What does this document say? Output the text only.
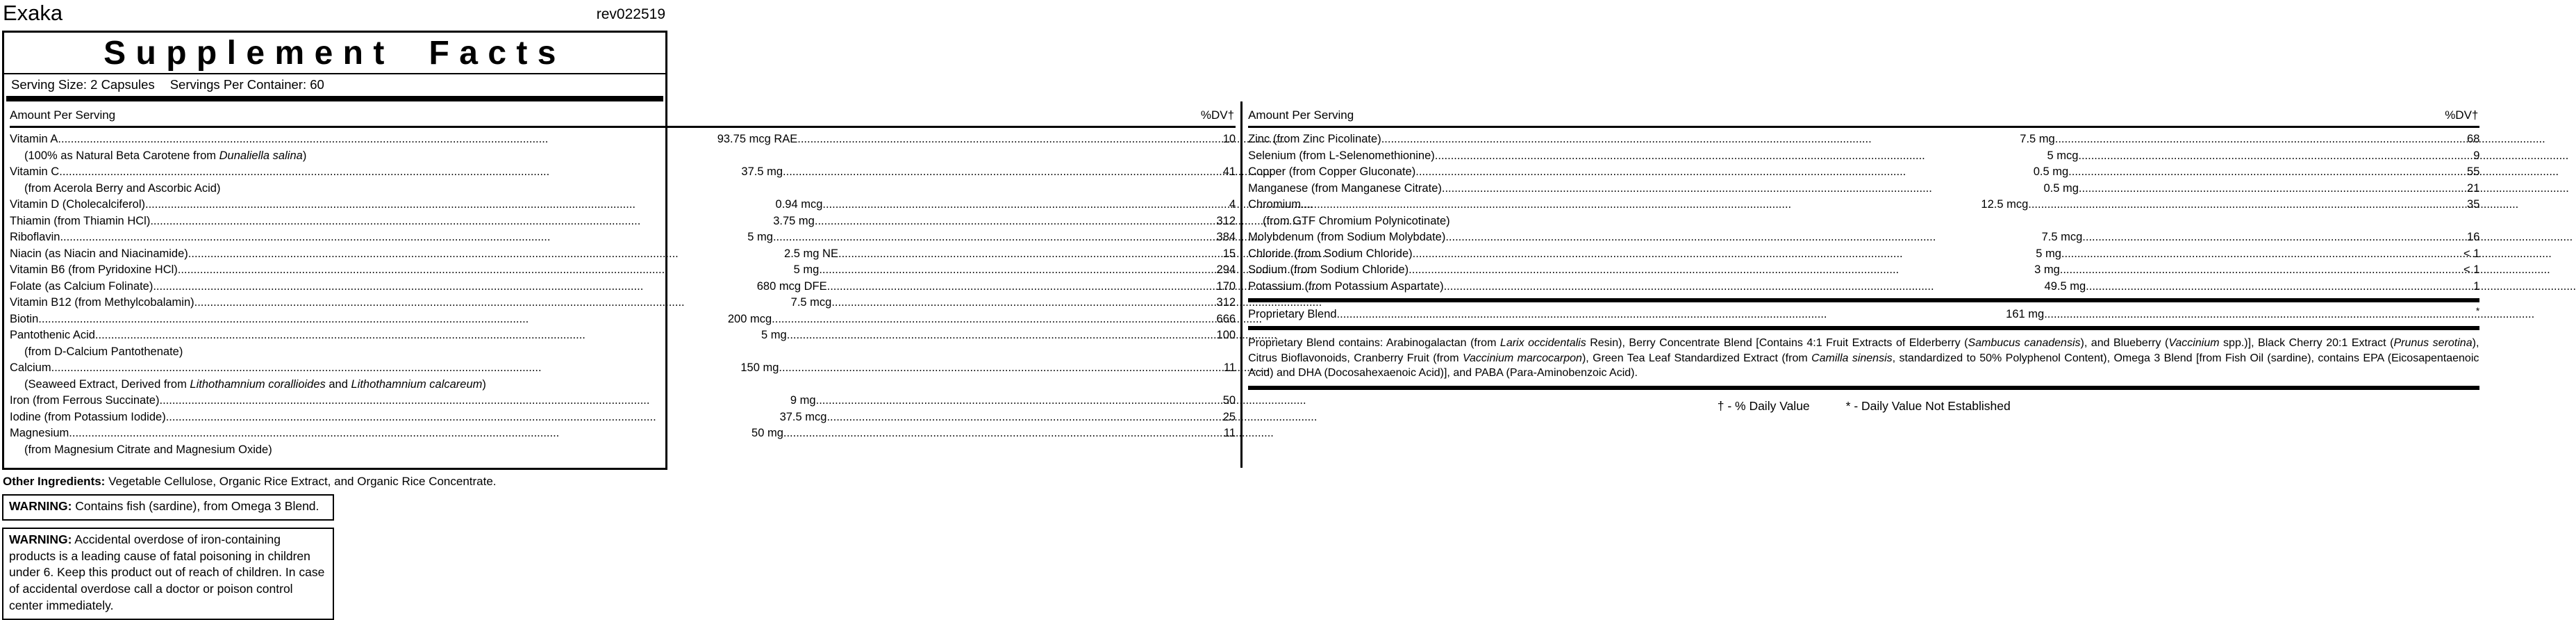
Exaka	rev022519
Supplement Facts
Serving Size: 2 Capsules Servings Per Container: 60
Amount Per Serving	%DV†
Vitamin A .....	93.75 mcg RAE .....	10
(100% as Natural Beta Carotene from Dunaliella salina)
Vitamin C .....	37.5 mg .....	41
(from Acerola Berry and Ascorbic Acid)
Vitamin D (Cholecalciferol) .....	0.94 mcg .....	4
Thiamin (from Thiamin HCl) .....	3.75 mg .....	312
Riboflavin .....	5 mg .....	384
Niacin (as Niacin and Niacinamide) .....	2.5 mg NE .....	15
Vitamin B6 (from Pyridoxine HCl) .....	5 mg .....	294
Folate (as Calcium Folinate) .....	680 mcg DFE .....	170
Vitamin B12 (from Methylcobalamin) .....	7.5 mcg .....	312
Biotin .....	200 mcg .....	666
Pantothenic Acid .....	5 mg .....	100
(from D-Calcium Pantothenate)
Calcium .....	150 mg .....	11
(Seaweed Extract, Derived from Lithothamnium corallioides and Lithothamnium calcareum)
Iron (from Ferrous Succinate) .....	9 mg .....	50
Iodine (from Potassium Iodide) .....	37.5 mcg .....	25
Magnesium .....	50 mg .....	11
(from Magnesium Citrate and Magnesium Oxide)
Amount Per Serving	%DV†
Zinc (from Zinc Picolinate) .....	7.5 mg .....	68
Selenium (from L-Selenomethionine) .....	5 mcg .....	9
Copper (from Copper Gluconate) .....	0.5 mg .....	55
Manganese (from Manganese Citrate) .....	0.5 mg .....	21
Chromium .....	12.5 mcg .....	35
(from GTF Chromium Polynicotinate)
Molybdenum (from Sodium Molybdate) .....	7.5 mcg .....	16
Chloride (from Sodium Chloride) .....	5 mg .....	< 1
Sodium (from Sodium Chloride) .....	3 mg .....	< 1
Potassium (from Potassium Aspartate) .....	49.5 mg .....	1
Proprietary Blend .....	161 mg .....	*
Proprietary Blend contains: Arabinogalactan (from Larix occidentalis Resin), Berry Concentrate Blend [Contains 4:1 Fruit Extracts of Elderberry (Sambucus canadensis), and Blueberry (Vaccinium spp.)], Black Cherry 20:1 Extract (Prunus serotina), Citrus Bioflavonoids, Cranberry Fruit (from Vaccinium marcocarpon), Green Tea Leaf Standardized Extract (from Camilla sinensis, standardized to 50% Polyphenol Content), Omega 3 Blend [from Fish Oil (sardine), contains EPA (Eicosapentaenoic Acid) and DHA (Docosahexaenoic Acid)], and PABA (Para-Aminobenzoic Acid).
† - % Daily Value	* - Daily Value Not Established
Other Ingredients: Vegetable Cellulose, Organic Rice Extract, and Organic Rice Concentrate.
WARNING: Contains fish (sardine), from Omega 3 Blend.
WARNING: Accidental overdose of iron-containing products is a leading cause of fatal poisoning in children under 6. Keep this product out of reach of children. In case of accidental overdose call a doctor or poison control center immediately.
